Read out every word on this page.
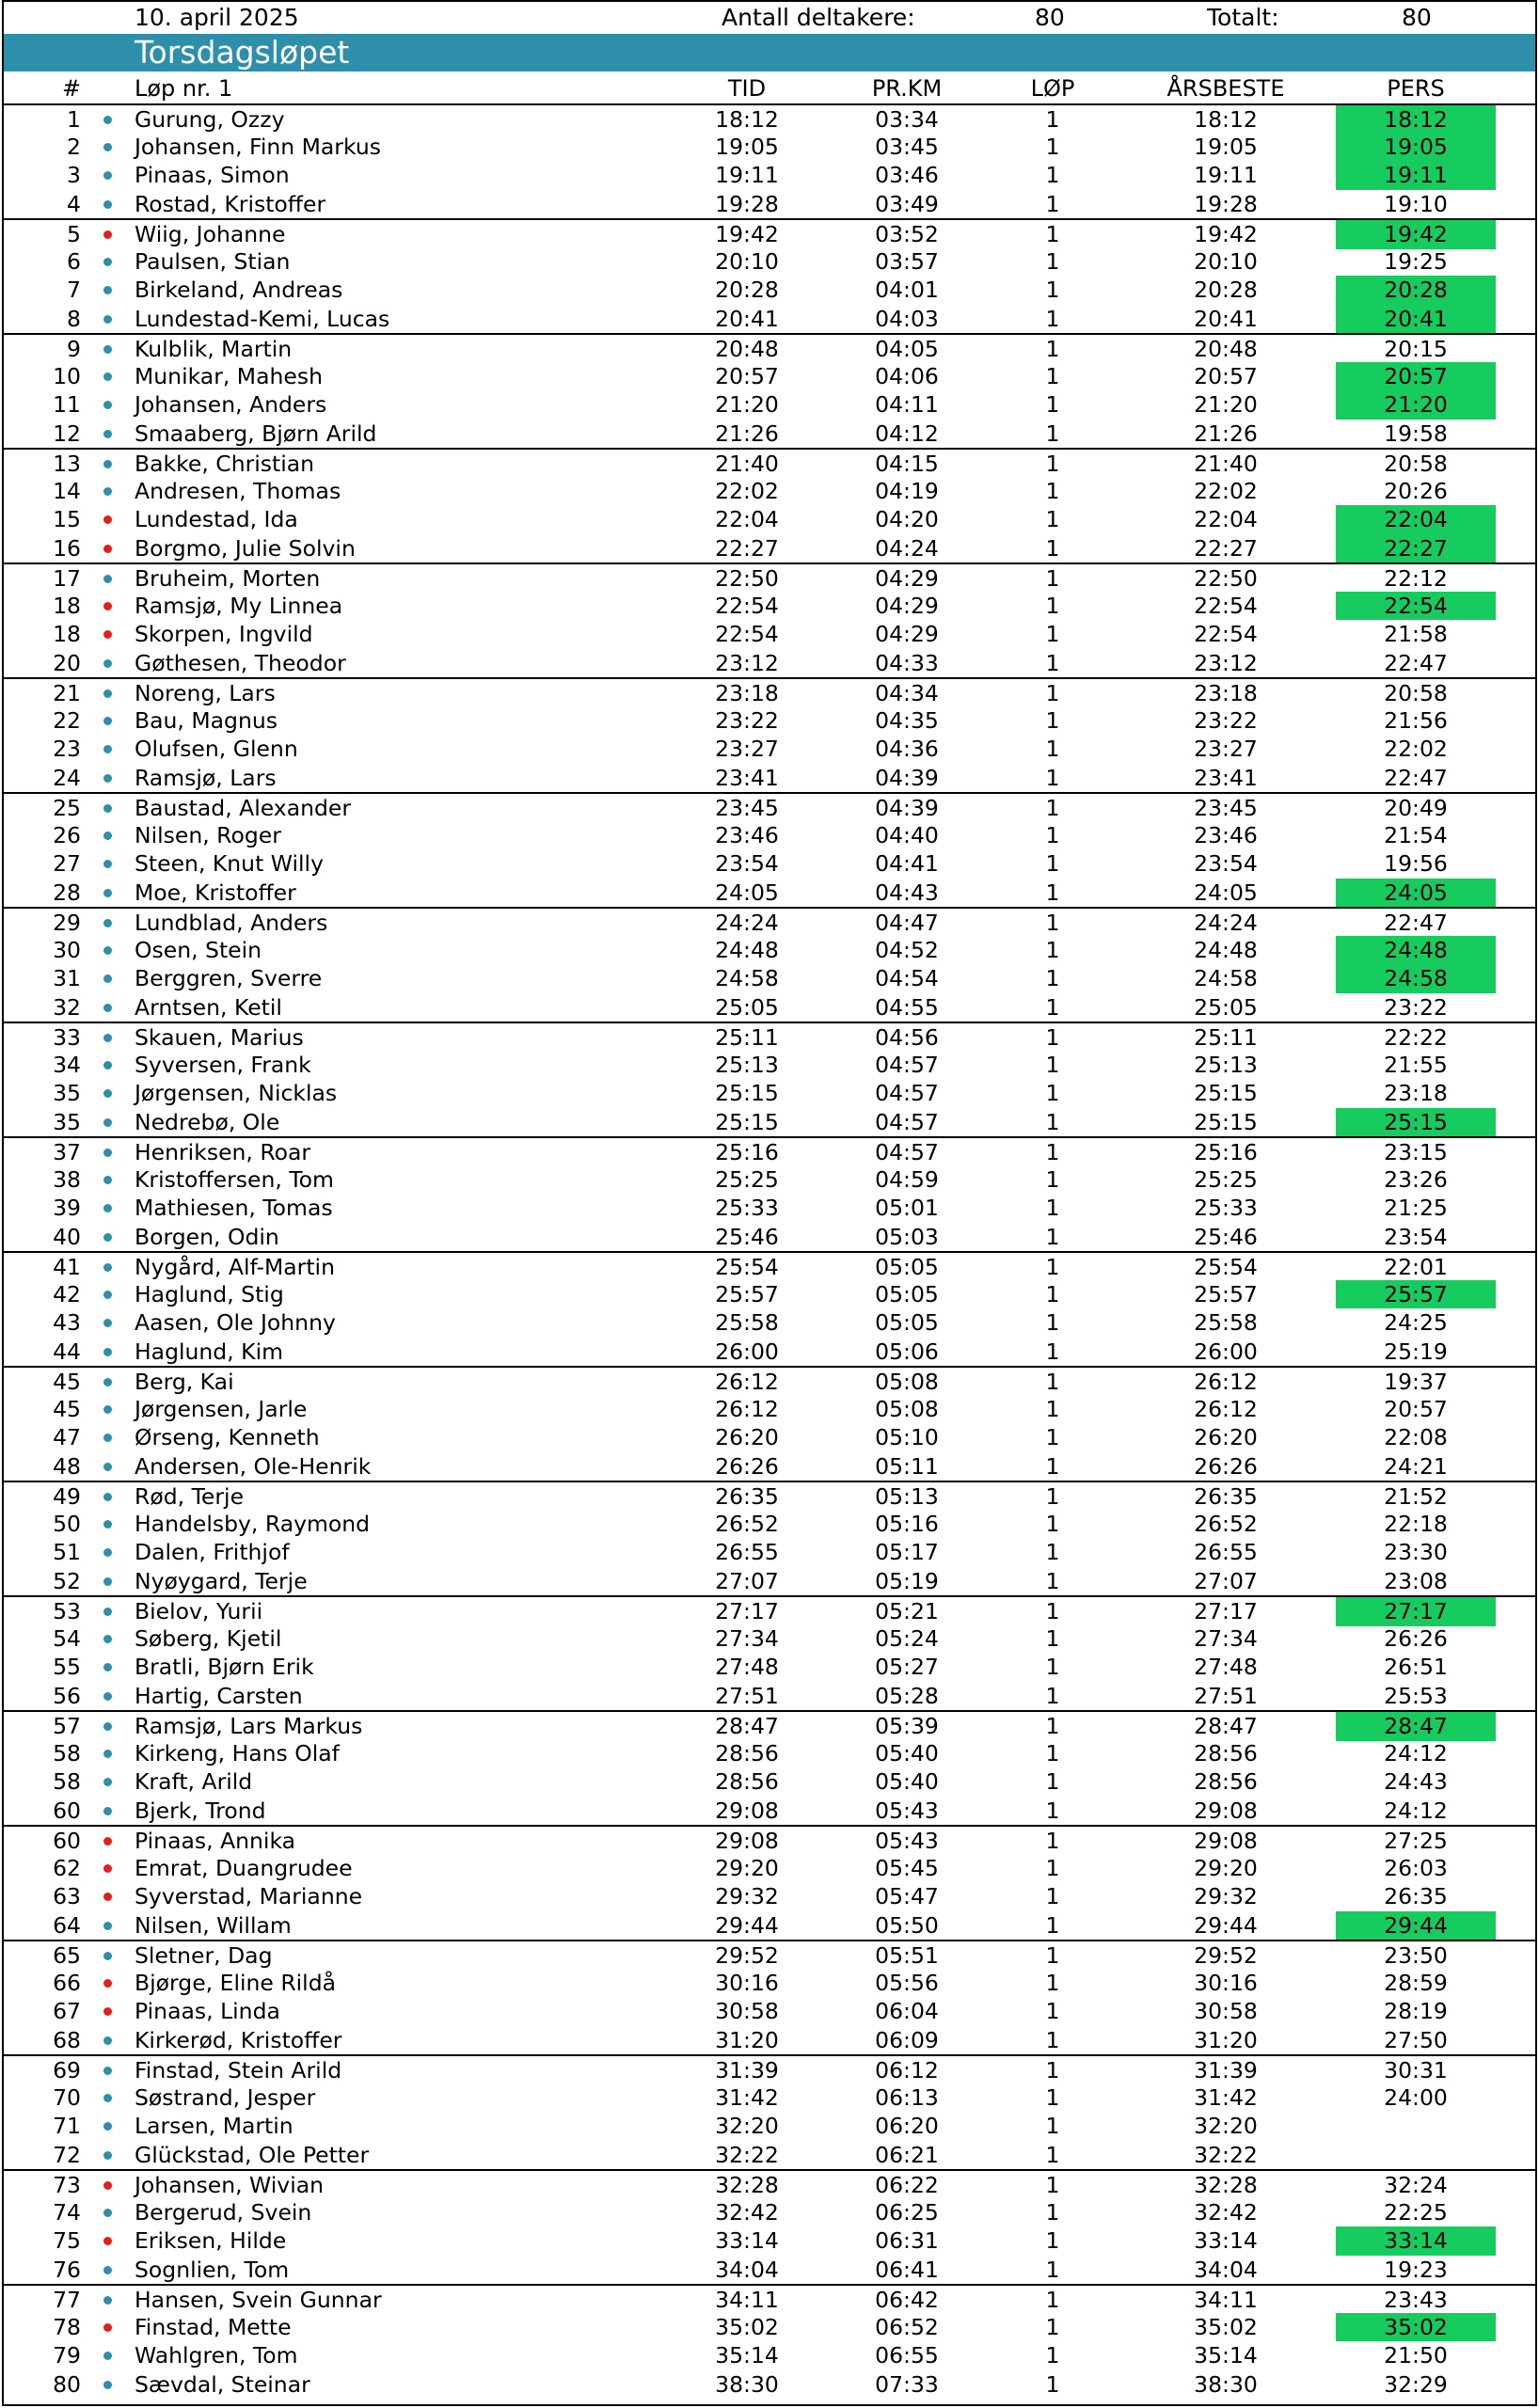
10. april 2025	Antall deltakere:	80	Totalt:	80
Torsdagsløpet
#	Løp nr. 1	TID	PR.KM	LØP	ÅRSBESTE	PERS
1 Gurung, Ozzy	18:12	03:34	1	18:12	18:12
2 Johansen, Finn Markus	19:05	03:45	1	19:05	19:05
3 Pinaas, Simon	19:11	03:46	1	19:11	19:11
4 Rostad, Kristoffer	19:28	03:49	1	19:28	19:10
5 Wiig, Johanne	19:42	03:52	1	19:42	19:42
6 Paulsen, Stian	20:10	03:57	1	20:10	19:25
7 Birkeland, Andreas	20:28	04:01	1	20:28	20:28
8 Lundestad-Kemi, Lucas	20:41	04:03	1	20:41	20:41
9 Kulblik, Martin	20:48	04:05	1	20:48	20:15
10 Munikar, Mahesh	20:57	04:06	1	20:57	20:57
11 Johansen, Anders	21:20	04:11	1	21:20	21:20
12 Smaaberg, Bjørn Arild	21:26	04:12	1	21:26	19:58
13 Bakke, Christian	21:40	04:15	1	21:40	20:58
14 Andresen, Thomas	22:02	04:19	1	22:02	20:26
15 Lundestad, Ida	22:04	04:20	1	22:04	22:04
16 Borgmo, Julie Solvin	22:27	04:24	1	22:27	22:27
17 Bruheim, Morten	22:50	04:29	1	22:50	22:12
18 Ramsjø, My Linnea	22:54	04:29	1	22:54	22:54
18 Skorpen, Ingvild	22:54	04:29	1	22:54	21:58
20 Gøthesen, Theodor	23:12	04:33	1	23:12	22:47
21 Noreng, Lars	23:18	04:34	1	23:18	20:58
22 Bau, Magnus	23:22	04:35	1	23:22	21:56
23 Olufsen, Glenn	23:27	04:36	1	23:27	22:02
24 Ramsjø, Lars	23:41	04:39	1	23:41	22:47
25 Baustad, Alexander	23:45	04:39	1	23:45	20:49
26 Nilsen, Roger	23:46	04:40	1	23:46	21:54
27 Steen, Knut Willy	23:54	04:41	1	23:54	19:56
28 Moe, Kristoffer	24:05	04:43	1	24:05	24:05
29 Lundblad, Anders	24:24	04:47	1	24:24	22:47
30 Osen, Stein	24:48	04:52	1	24:48	24:48
31 Berggren, Sverre	24:58	04:54	1	24:58	24:58
32 Arntsen, Ketil	25:05	04:55	1	25:05	23:22
33 Skauen, Marius	25:11	04:56	1	25:11	22:22
34 Syversen, Frank	25:13	04:57	1	25:13	21:55
35 Jørgensen, Nicklas	25:15	04:57	1	25:15	23:18
35 Nedrebø, Ole	25:15	04:57	1	25:15	25:15
37 Henriksen, Roar	25:16	04:57	1	25:16	23:15
38 Kristoffersen, Tom	25:25	04:59	1	25:25	23:26
39 Mathiesen, Tomas	25:33	05:01	1	25:33	21:25
40 Borgen, Odin	25:46	05:03	1	25:46	23:54
41 Nygård, Alf-Martin	25:54	05:05	1	25:54	22:01
42 Haglund, Stig	25:57	05:05	1	25:57	25:57
43 Aasen, Ole Johnny	25:58	05:05	1	25:58	24:25
44 Haglund, Kim	26:00	05:06	1	26:00	25:19
45 Berg, Kai	26:12	05:08	1	26:12	19:37
45 Jørgensen, Jarle	26:12	05:08	1	26:12	20:57
47 Ørseng, Kenneth	26:20	05:10	1	26:20	22:08
48 Andersen, Ole-Henrik	26:26	05:11	1	26:26	24:21
49 Rød, Terje	26:35	05:13	1	26:35	21:52
50 Handelsby, Raymond	26:52	05:16	1	26:52	22:18
51 Dalen, Frithjof	26:55	05:17	1	26:55	23:30
52 Nyøygard, Terje	27:07	05:19	1	27:07	23:08
53 Bielov, Yurii	27:17	05:21	1	27:17	27:17
54 Søberg, Kjetil	27:34	05:24	1	27:34	26:26
55 Bratli, Bjørn Erik	27:48	05:27	1	27:48	26:51
56 Hartig, Carsten	27:51	05:28	1	27:51	25:53
57 Ramsjø, Lars Markus	28:47	05:39	1	28:47	28:47
58 Kirkeng, Hans Olaf	28:56	05:40	1	28:56	24:12
58 Kraft, Arild	28:56	05:40	1	28:56	24:43
60 Bjerk, Trond	29:08	05:43	1	29:08	24:12
60 Pinaas, Annika	29:08	05:43	1	29:08	27:25
62 Emrat, Duangrudee	29:20	05:45	1	29:20	26:03
63 Syverstad, Marianne	29:32	05:47	1	29:32	26:35
64 Nilsen, Willam	29:44	05:50	1	29:44	29:44
65 Sletner, Dag	29:52	05:51	1	29:52	23:50
66 Bjørge, Eline Rildå	30:16	05:56	1	30:16	28:59
67 Pinaas, Linda	30:58	06:04	1	30:58	28:19
68 Kirkerød, Kristoffer	31:20	06:09	1	31:20	27:50
69 Finstad, Stein Arild	31:39	06:12	1	31:39	30:31
70 Søstrand, Jesper	31:42	06:13	1	31:42	24:00
71 Larsen, Martin	32:20	06:20	1	32:20
72 Glückstad, Ole Petter	32:22	06:21	1	32:22
73 Johansen, Wivian	32:28	06:22	1	32:28	32:24
74 Bergerud, Svein	32:42	06:25	1	32:42	22:25
75 Eriksen, Hilde	33:14	06:31	1	33:14	33:14
76 Sognlien, Tom	34:04	06:41	1	34:04	19:23
77 Hansen, Svein Gunnar	34:11	06:42	1	34:11	23:43
78 Finstad, Mette	35:02	06:52	1	35:02	35:02
79 Wahlgren, Tom	35:14	06:55	1	35:14	21:50
80 Sævdal, Steinar	38:30	07:33	1	38:30	32:29
